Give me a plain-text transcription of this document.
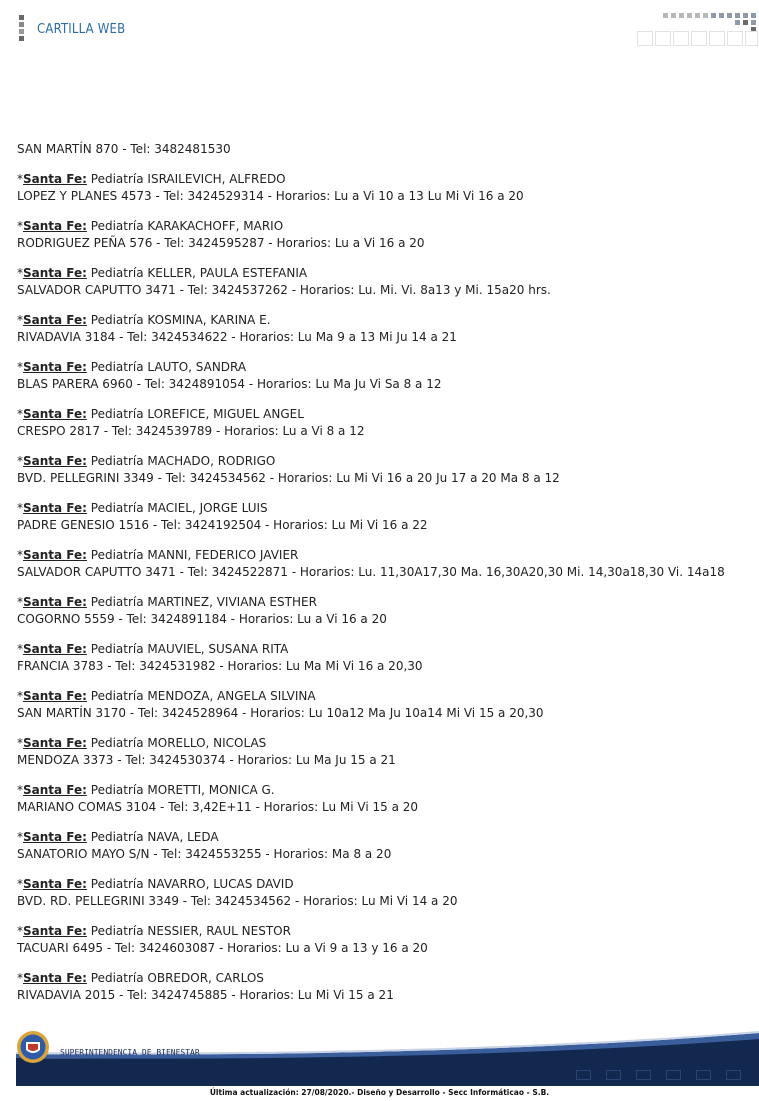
CARTILLA WEB
SAN MARTÍN 870 - Tel: 3482481530
*Santa Fe: Pediatría ISRAILEVICH, ALFREDO
LOPEZ Y PLANES 4573 - Tel: 3424529314 - Horarios: Lu a Vi 10 a 13 Lu Mi Vi 16 a 20
*Santa Fe: Pediatría KARAKACHOFF, MARIO
RODRIGUEZ PEÑA 576 - Tel: 3424595287 - Horarios: Lu a Vi 16 a 20
*Santa Fe: Pediatría KELLER, PAULA ESTEFANIA
SALVADOR CAPUTTO 3471 - Tel: 3424537262 - Horarios: Lu. Mi. Vi. 8a13 y Mi. 15a20 hrs.
*Santa Fe: Pediatría KOSMINA, KARINA E.
RIVADAVIA 3184 - Tel: 3424534622 - Horarios: Lu Ma 9 a 13 Mi Ju 14 a 21
*Santa Fe: Pediatría LAUTO, SANDRA
BLAS PARERA 6960 - Tel: 3424891054 - Horarios: Lu Ma Ju Vi Sa 8 a 12
*Santa Fe: Pediatría LOREFICE, MIGUEL ANGEL
CRESPO 2817 - Tel: 3424539789 - Horarios: Lu a Vi 8 a 12
*Santa Fe: Pediatría MACHADO, RODRIGO
BVD. PELLEGRINI 3349 - Tel: 3424534562 - Horarios: Lu Mi Vi 16 a 20 Ju 17 a 20 Ma 8 a 12
*Santa Fe: Pediatría MACIEL, JORGE LUIS
PADRE GENESIO 1516 - Tel: 3424192504 - Horarios: Lu Mi Vi 16 a 22
*Santa Fe: Pediatría MANNI, FEDERICO JAVIER
SALVADOR CAPUTTO 3471 - Tel: 3424522871 - Horarios: Lu. 11,30A17,30 Ma. 16,30A20,30 Mi. 14,30a18,30 Vi. 14a18
*Santa Fe: Pediatría MARTINEZ, VIVIANA ESTHER
COGORNO 5559 - Tel: 3424891184 - Horarios: Lu a Vi 16 a 20
*Santa Fe: Pediatría MAUVIEL, SUSANA RITA
FRANCIA 3783 - Tel: 3424531982 - Horarios: Lu Ma Mi Vi 16 a 20,30
*Santa Fe: Pediatría MENDOZA, ANGELA SILVINA
SAN MARTÍN 3170 - Tel: 3424528964 - Horarios: Lu 10a12 Ma Ju 10a14 Mi Vi 15 a 20,30
*Santa Fe: Pediatría MORELLO, NICOLAS
MENDOZA 3373 - Tel: 3424530374 - Horarios: Lu Ma Ju 15 a 21
*Santa Fe: Pediatría MORETTI, MONICA G.
MARIANO COMAS 3104 - Tel: 3,42E+11 - Horarios: Lu Mi Vi 15 a 20
*Santa Fe: Pediatría NAVA, LEDA
SANATORIO MAYO S/N - Tel: 3424553255 - Horarios: Ma 8 a 20
*Santa Fe: Pediatría NAVARRO, LUCAS DAVID
BVD. RD. PELLEGRINI 3349 - Tel: 3424534562 - Horarios: Lu Mi Vi 14 a 20
*Santa Fe: Pediatría NESSIER, RAUL NESTOR
TACUARI 6495 - Tel: 3424603087 - Horarios: Lu a Vi 9 a 13 y 16 a 20
*Santa Fe: Pediatría OBREDOR, CARLOS
RIVADAVIA 2015 - Tel: 3424745885 - Horarios: Lu Mi Vi 15 a 21
SUPERINTENDENCIA DE BIENESTAR
Última actualización: 27/08/2020.- Diseño y Desarrollo - Secc Informáticao - S.B.
